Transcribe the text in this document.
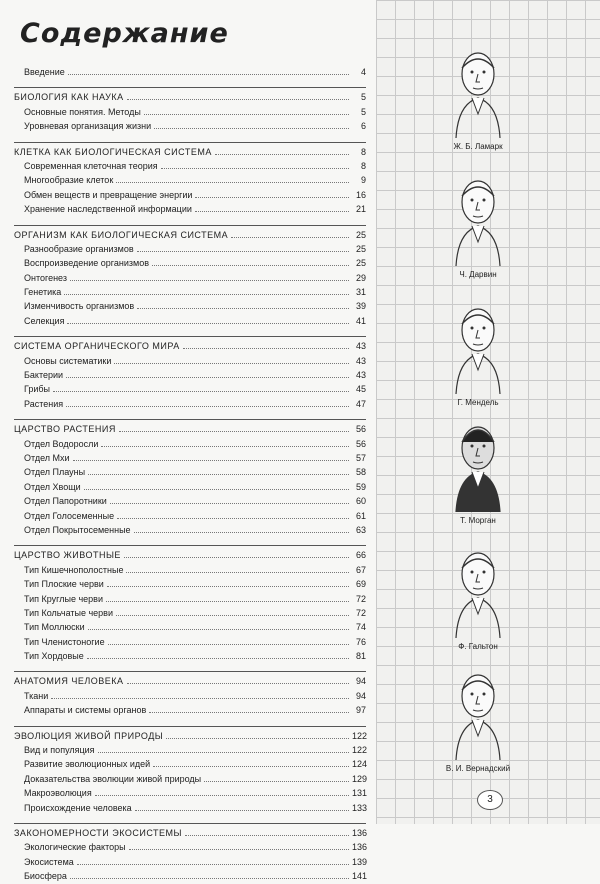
Содержание
Введение	4
БИОЛОГИЯ КАК НАУКА	5
Основные понятия. Методы	5
Уровневая организация жизни	6
КЛЕТКА КАК БИОЛОГИЧЕСКАЯ СИСТЕМА	8
Современная клеточная теория	8
Многообразие клеток	9
Обмен веществ и превращение энергии	16
Хранение наследственной информации	21
ОРГАНИЗМ КАК БИОЛОГИЧЕСКАЯ СИСТЕМА	25
Разнообразие организмов	25
Воспроизведение организмов	25
Онтогенез	29
Генетика	31
Изменчивость организмов	39
Селекция	41
СИСТЕМА ОРГАНИЧЕСКОГО МИРА	43
Основы систематики	43
Бактерии	43
Грибы	45
Растения	47
ЦАРСТВО РАСТЕНИЯ	56
Отдел Водоросли	56
Отдел Мхи	57
Отдел Плауны	58
Отдел Хвощи	59
Отдел Папоротники	60
Отдел Голосеменные	61
Отдел Покрытосеменные	63
ЦАРСТВО ЖИВОТНЫЕ	66
Тип Кишечнополостные	67
Тип Плоские черви	69
Тип Круглые черви	72
Тип Кольчатые черви	72
Тип Моллюски	74
Тип Членистоногие	76
Тип Хордовые	81
АНАТОМИЯ ЧЕЛОВЕКА	94
Ткани	94
Аппараты и системы органов	97
ЭВОЛЮЦИЯ ЖИВОЙ ПРИРОДЫ	122
Вид и популяция	122
Развитие эволюционных идей	124
Доказательства эволюции живой природы	129
Макроэволюция	131
Происхождение человека	133
ЗАКОНОМЕРНОСТИ ЭКОСИСТЕМЫ	136
Экологические факторы	136
Экосистема	139
Биосфера	141
Ж. Б. Ламарк
Ч. Дарвин
Г. Мендель
Т. Морган
Ф. Гальтон
В. И. Вернадский
3
